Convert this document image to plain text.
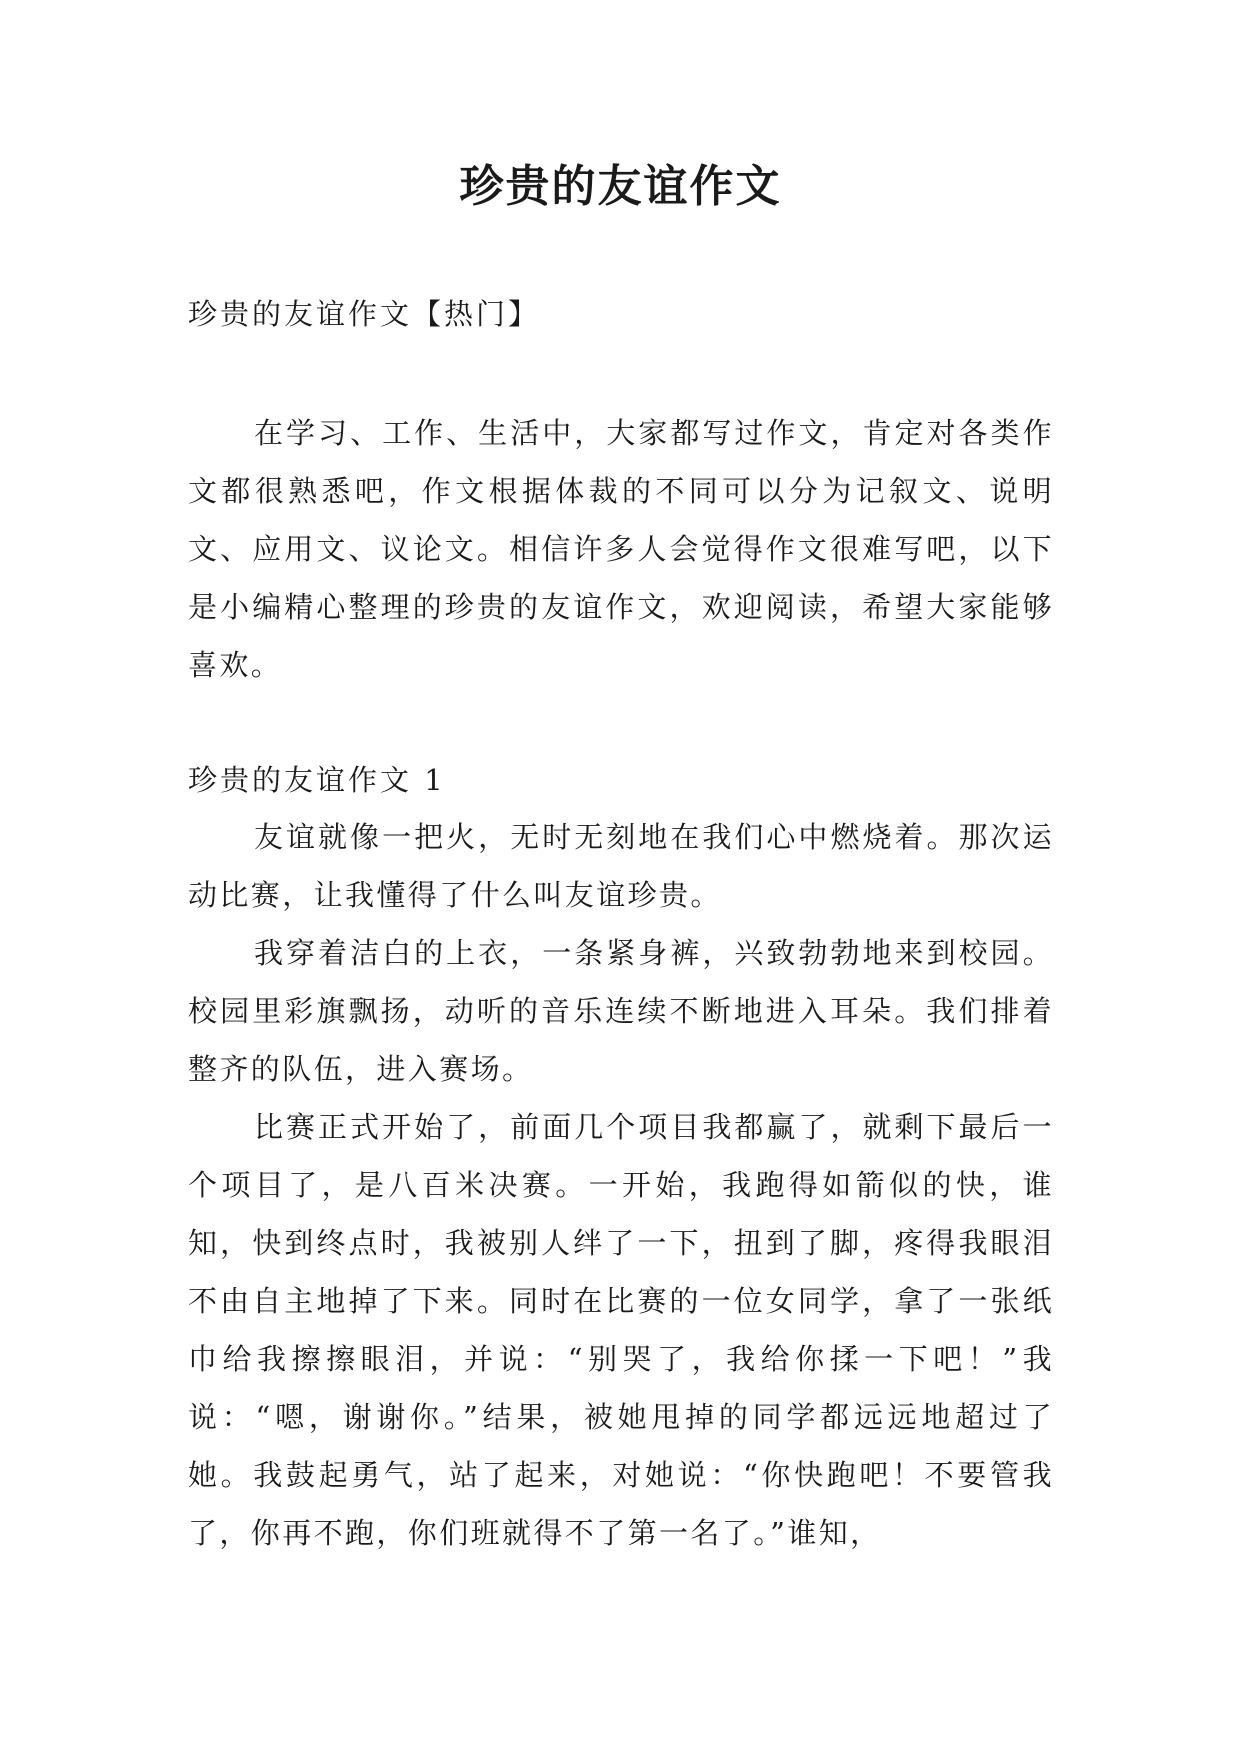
珍贵的友谊作文

珍贵的友谊作文【热门】

在学习、工作、生活中，大家都写过作文，肯定对各类作文都很熟悉吧，作文根据体裁的不同可以分为记叙文、说明文、应用文、议论文。相信许多人会觉得作文很难写吧，以下是小编精心整理的珍贵的友谊作文，欢迎阅读，希望大家能够喜欢。

珍贵的友谊作文 1

友谊就像一把火，无时无刻地在我们心中燃烧着。那次运动比赛，让我懂得了什么叫友谊珍贵。

我穿着洁白的上衣，一条紧身裤，兴致勃勃地来到校园。校园里彩旗飘扬，动听的音乐连续不断地进入耳朵。我们排着整齐的队伍，进入赛场。

比赛正式开始了，前面几个项目我都赢了，就剩下最后一个项目了，是八百米决赛。一开始，我跑得如箭似的快，谁知，快到终点时，我被别人绊了一下，扭到了脚，疼得我眼泪不由自主地掉了下来。同时在比赛的一位女同学，拿了一张纸巾给我擦擦眼泪，并说：“别哭了，我给你揉一下吧！”我说：“嗯，谢谢你。”结果，被她甩掉的同学都远远地超过了她。我鼓起勇气，站了起来，对她说：“你快跑吧！不要管我了，你再不跑，你们班就得不了第一名了。”谁知，
